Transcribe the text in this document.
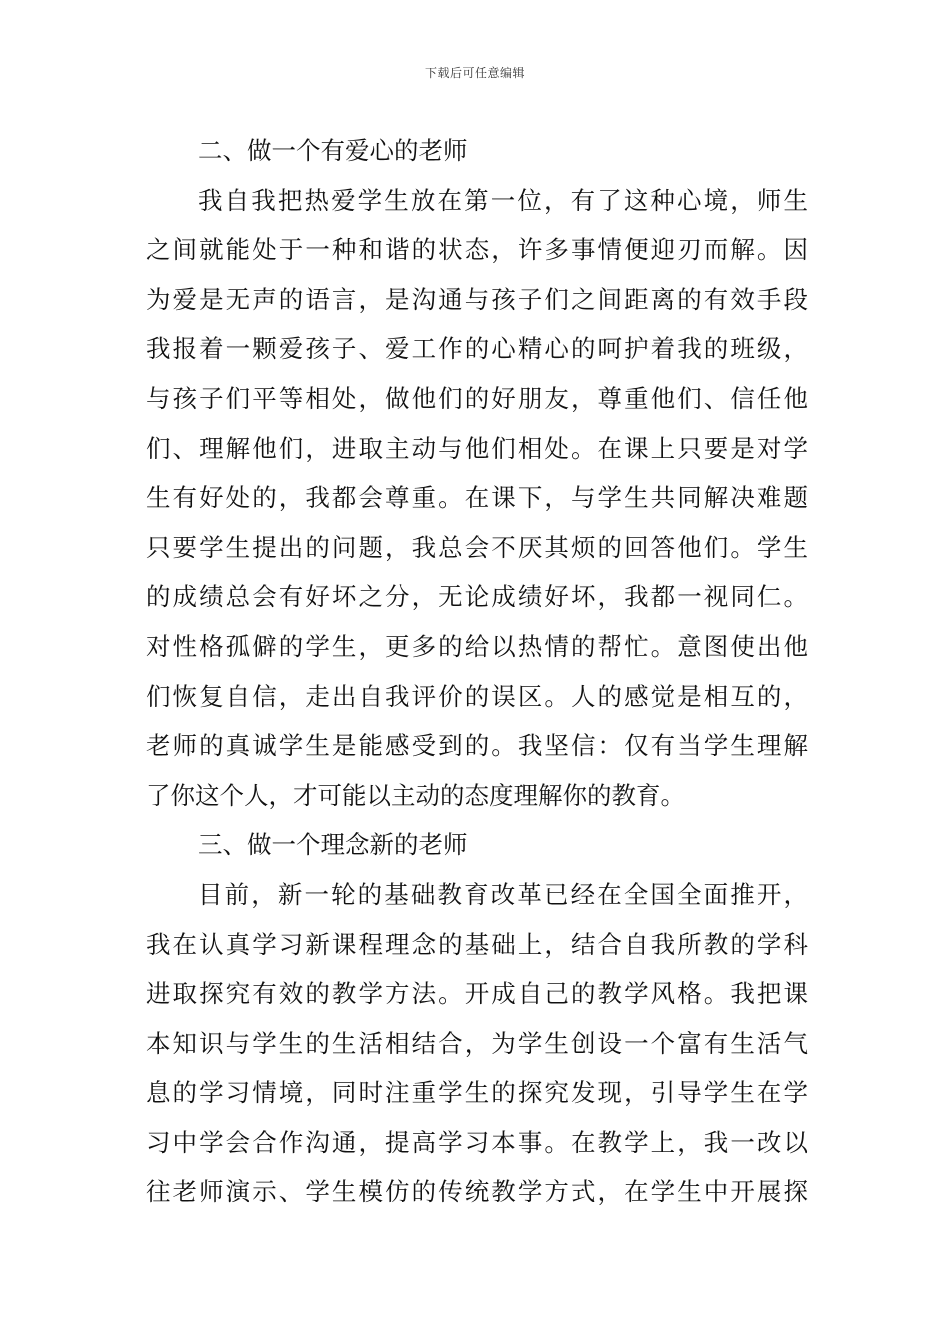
下载后可任意编辑
二、做一个有爱心的老师
我自我把热爱学生放在第一位，有了这种心境，师生
之间就能处于一种和谐的状态，许多事情便迎刃而解。因
为爱是无声的语言，是沟通与孩子们之间距离的有效手段
我报着一颗爱孩子、爱工作的心精心的呵护着我的班级，
与孩子们平等相处，做他们的好朋友，尊重他们、信任他
们、理解他们，进取主动与他们相处。在课上只要是对学
生有好处的，我都会尊重。在课下，与学生共同解决难题
只要学生提出的问题，我总会不厌其烦的回答他们。学生
的成绩总会有好坏之分，无论成绩好坏，我都一视同仁。
对性格孤僻的学生，更多的给以热情的帮忙。意图使出他
们恢复自信，走出自我评价的误区。人的感觉是相互的，
老师的真诚学生是能感受到的。我坚信：仅有当学生理解
了你这个人，才可能以主动的态度理解你的教育。
三、做一个理念新的老师
目前，新一轮的基础教育改革已经在全国全面推开，
我在认真学习新课程理念的基础上，结合自我所教的学科
进取探究有效的教学方法。开成自己的教学风格。我把课
本知识与学生的生活相结合，为学生创设一个富有生活气
息的学习情境，同时注重学生的探究发现，引导学生在学
习中学会合作沟通，提高学习本事。在教学上，我一改以
往老师演示、学生模仿的传统教学方式，在学生中开展探
